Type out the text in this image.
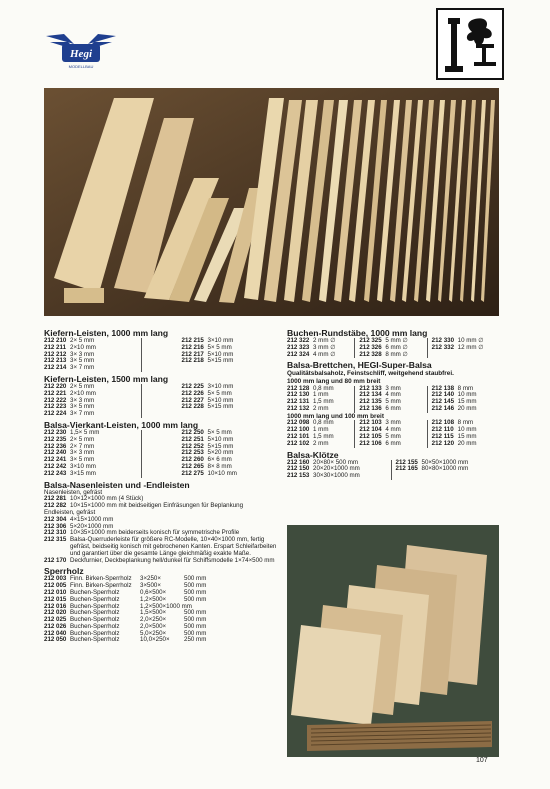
Hegi
MODELLBAU
Kiefern-Leisten, 1000 mm lang
212 210 2× 5 mm
212 211 2×10 mm
212 212 3× 3 mm
212 213 3× 5 mm
212 214 3× 7 mm
212 215 3×10 mm
212 216 5× 5 mm
212 217 5×10 mm
212 218 5×15 mm
Kiefern-Leisten, 1500 mm lang
212 220 2× 5 mm
212 221 2×10 mm
212 222 3× 3 mm
212 223 3× 5 mm
212 224 3× 7 mm
212 225 3×10 mm
212 226 5× 5 mm
212 227 5×10 mm
212 228 5×15 mm
Balsa-Vierkant-Leisten, 1000 mm lang
212 230 1,5× 5 mm
212 235 2× 5 mm
212 236 2× 7 mm
212 240 3× 3 mm
212 241 3× 5 mm
212 242 3×10 mm
212 243 3×15 mm
212 250 5× 5 mm
212 251 5×10 mm
212 252 5×15 mm
212 253 5×20 mm
212 260 6× 6 mm
212 265 8× 8 mm
212 275 10×10 mm
Balsa-Nasenleisten und -Endleisten
Nasenleisten, gefräst
212 281 10×12×1000 mm (4 Stück)
212 282 10×15×1000 mm mit beidseitigen Einfräsungen für Beplankung
Endleisten, gefräst
212 304 4×15×1000 mm
212 306 5×20×1000 mm
212 310 10×35×1000 mm beiderseits konisch für symmetrische Profile
212 315 Balsa-Querruderleiste für größere RC-Modelle, 10×40×1000 mm, fertig gefräst, beidseitig konisch mit gebrochenen Kanten. Erspart Schleifarbeiten und garantiert über die gesamte Länge gleichmäßig exakte Maße.
212 170 Deckfurnier, Deckbeplankung hell/dunkel für Schiffsmodelle 1×74×500 mm
Sperrholz
212 003 Finn. Birken-Sperrholz	3×250×	500 mm
212 005 Finn. Birken-Sperrholz	3×500×	500 mm
212 010 Buchen-Sperrholz	0,6×500×	500 mm
212 015 Buchen-Sperrholz	1,2×500×	500 mm
212 016 Buchen-Sperrholz	1,2×500×1000 mm
212 020 Buchen-Sperrholz	1,5×500×	500 mm
212 025 Buchen-Sperrholz	2,0×250×	500 mm
212 026 Buchen-Sperrholz	2,0×500×	500 mm
212 040 Buchen-Sperrholz	5,0×250×	500 mm
212 050 Buchen-Sperrholz	10,0×250×	250 mm
Buchen-Rundstäbe, 1000 mm lang
212 322 2 mm ∅
212 323 3 mm ∅
212 324 4 mm ∅
212 325 5 mm ∅
212 326 6 mm ∅
212 328 8 mm ∅
212 330 10 mm ∅
212 332 12 mm ∅
Balsa-Brettchen, HEGI-Super-Balsa
Qualitätsbalsaholz, Feinstschliff, weitgehend staubfrei.
1000 mm lang und 80 mm breit
212 128 0,8 mm
212 130 1 mm
212 131 1,5 mm
212 132 2 mm
212 133 3 mm
212 134 4 mm
212 135 5 mm
212 136 6 mm
212 138 8 mm
212 140 10 mm
212 145 15 mm
212 146 20 mm
1000 mm lang und 100 mm breit
212 098 0,8 mm
212 100 1 mm
212 101 1,5 mm
212 102 2 mm
212 103 3 mm
212 104 4 mm
212 105 5 mm
212 106 6 mm
212 108 8 mm
212 110 10 mm
212 115 15 mm
212 120 20 mm
Balsa-Klötze
212 160 20×80× 500 mm
212 150 20×20×1000 mm
212 153 30×30×1000 mm
212 155 50×50×1000 mm
212 165 80×80×1000 mm
107
